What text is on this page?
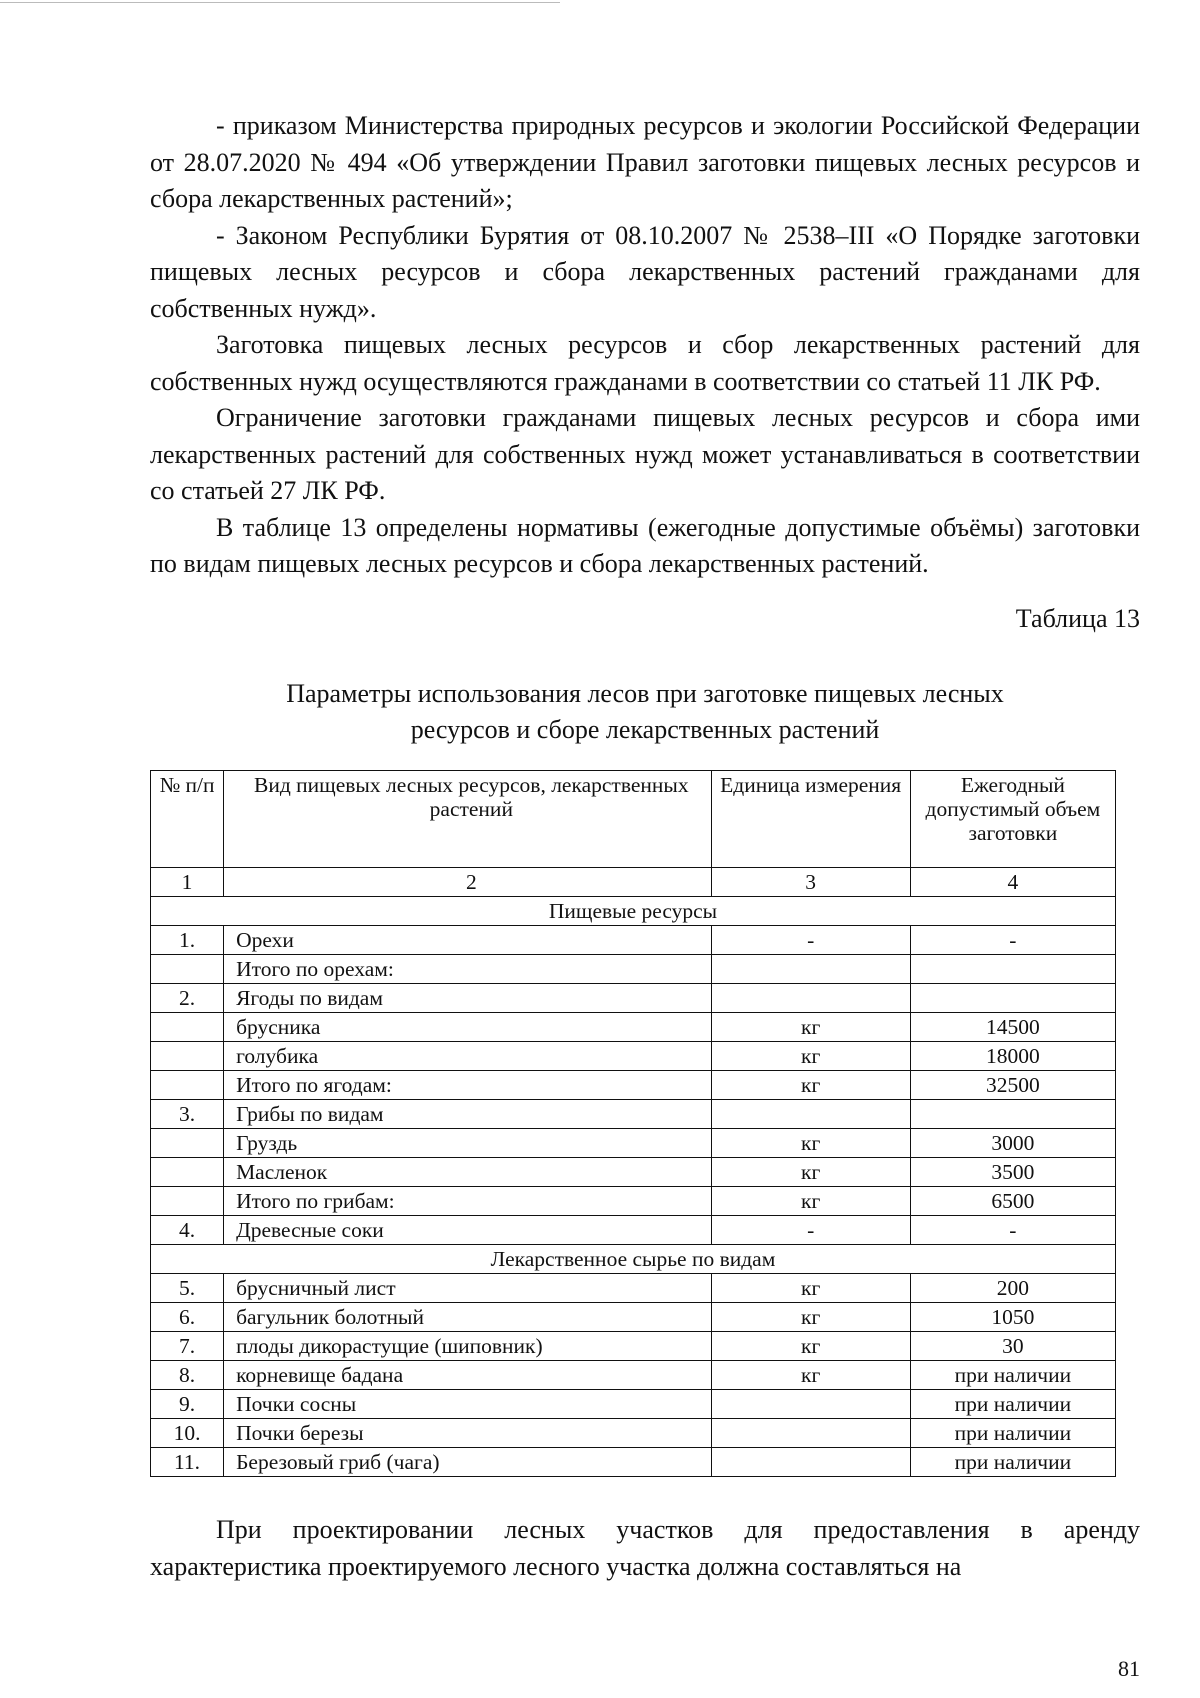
- приказом Министерства природных ресурсов и экологии Российской Федерации от 28.07.2020 № 494 «Об утверждении Правил заготовки пищевых лесных ресурсов и сбора лекарственных растений»;

- Законом Республики Бурятия от 08.10.2007 № 2538–III «О Порядке заготовки пищевых лесных ресурсов и сбора лекарственных растений гражданами для собственных нужд».

Заготовка пищевых лесных ресурсов и сбор лекарственных растений для собственных нужд осуществляются гражданами в соответствии со статьей 11 ЛК РФ.

Ограничение заготовки гражданами пищевых лесных ресурсов и сбора ими лекарственных растений для собственных нужд может устанавливаться в соответствии со статьей 27 ЛК РФ.

В таблице 13 определены нормативы (ежегодные допустимые объёмы) заготовки по видам пищевых лесных ресурсов и сбора лекарственных растений.

Таблица 13
Параметры использования лесов при заготовке пищевых лесных
ресурсов и сборе лекарственных растений
№ п/п	Вид пищевых лесных ресурсов, лекарственных растений	Единица измерения	Ежегодный допустимый объем заготовки
1	2	3	4
Пищевые ресурсы			
1.	Орехи	-	-
	Итого по орехам:		
2.	Ягоды по видам		
	брусника	кг	14500
	голубика	кг	18000
	Итого по ягодам:	кг	32500
3.	Грибы по видам		
	Груздь	кг	3000
	Масленок	кг	3500
	Итого по грибам:	кг	6500
4.	Древесные соки	-	-
Лекарственное сырье по видам			
5.	брусничный лист	кг	200
6.	багульник болотный	кг	1050
7.	плоды дикорастущие (шиповник)	кг	30
8.	корневище бадана	кг	при наличии
9.	Почки сосны		при наличии
10.	Почки березы		при наличии
11.	Березовый гриб (чага)		при наличии

При проектировании лесных участков для предоставления в аренду характеристика проектируемого лесного участка должна составляться на

81
